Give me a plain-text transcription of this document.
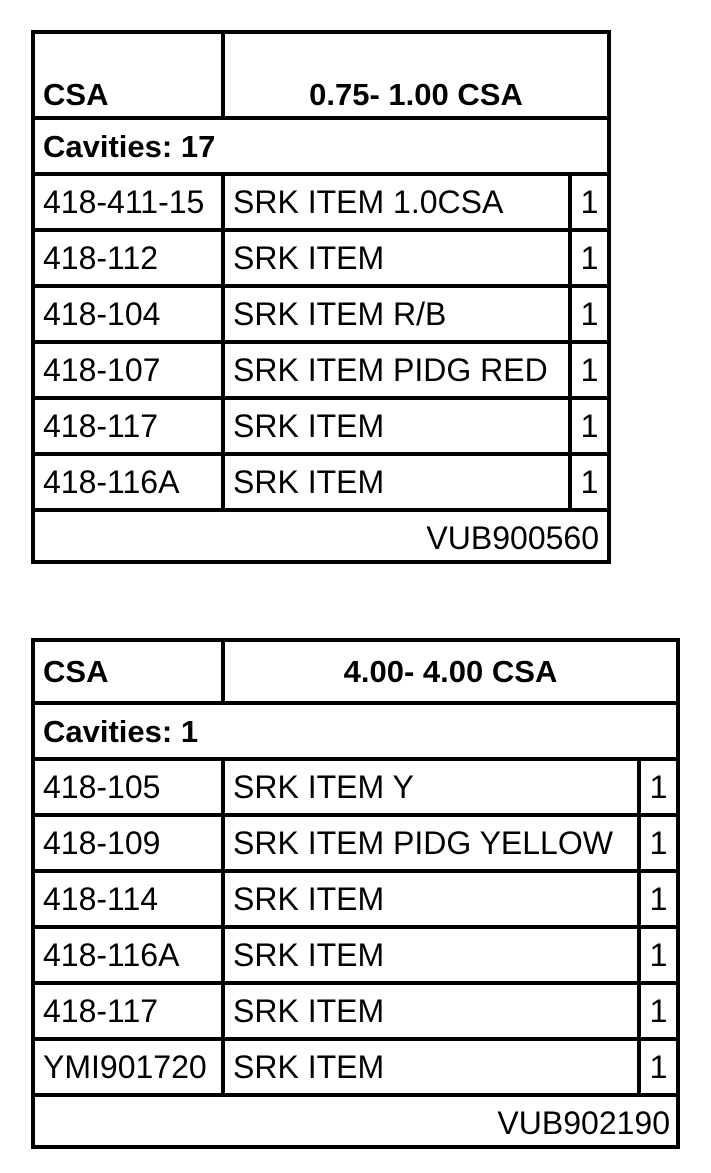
CSA	0.75- 1.00 CSA
Cavities: 17
418-411-15 SRK ITEM 1.0CSA 1
418-112 SRK ITEM	1
418-104 SRK ITEM R/B	1
418-107 SRK ITEM PIDG RED 1
418-117 SRK ITEM	1
418-116A SRK ITEM	1
VUB900560
CSA	4.00- 4.00 CSA
Cavities: 1
418-105 SRK ITEM Y	1
418-109 SRK ITEM PIDG YELLOW 1
418-114 SRK ITEM	1
418-116A SRK ITEM	1
418-117 SRK ITEM	1
YMI901720 SRK ITEM	1
VUB902190
